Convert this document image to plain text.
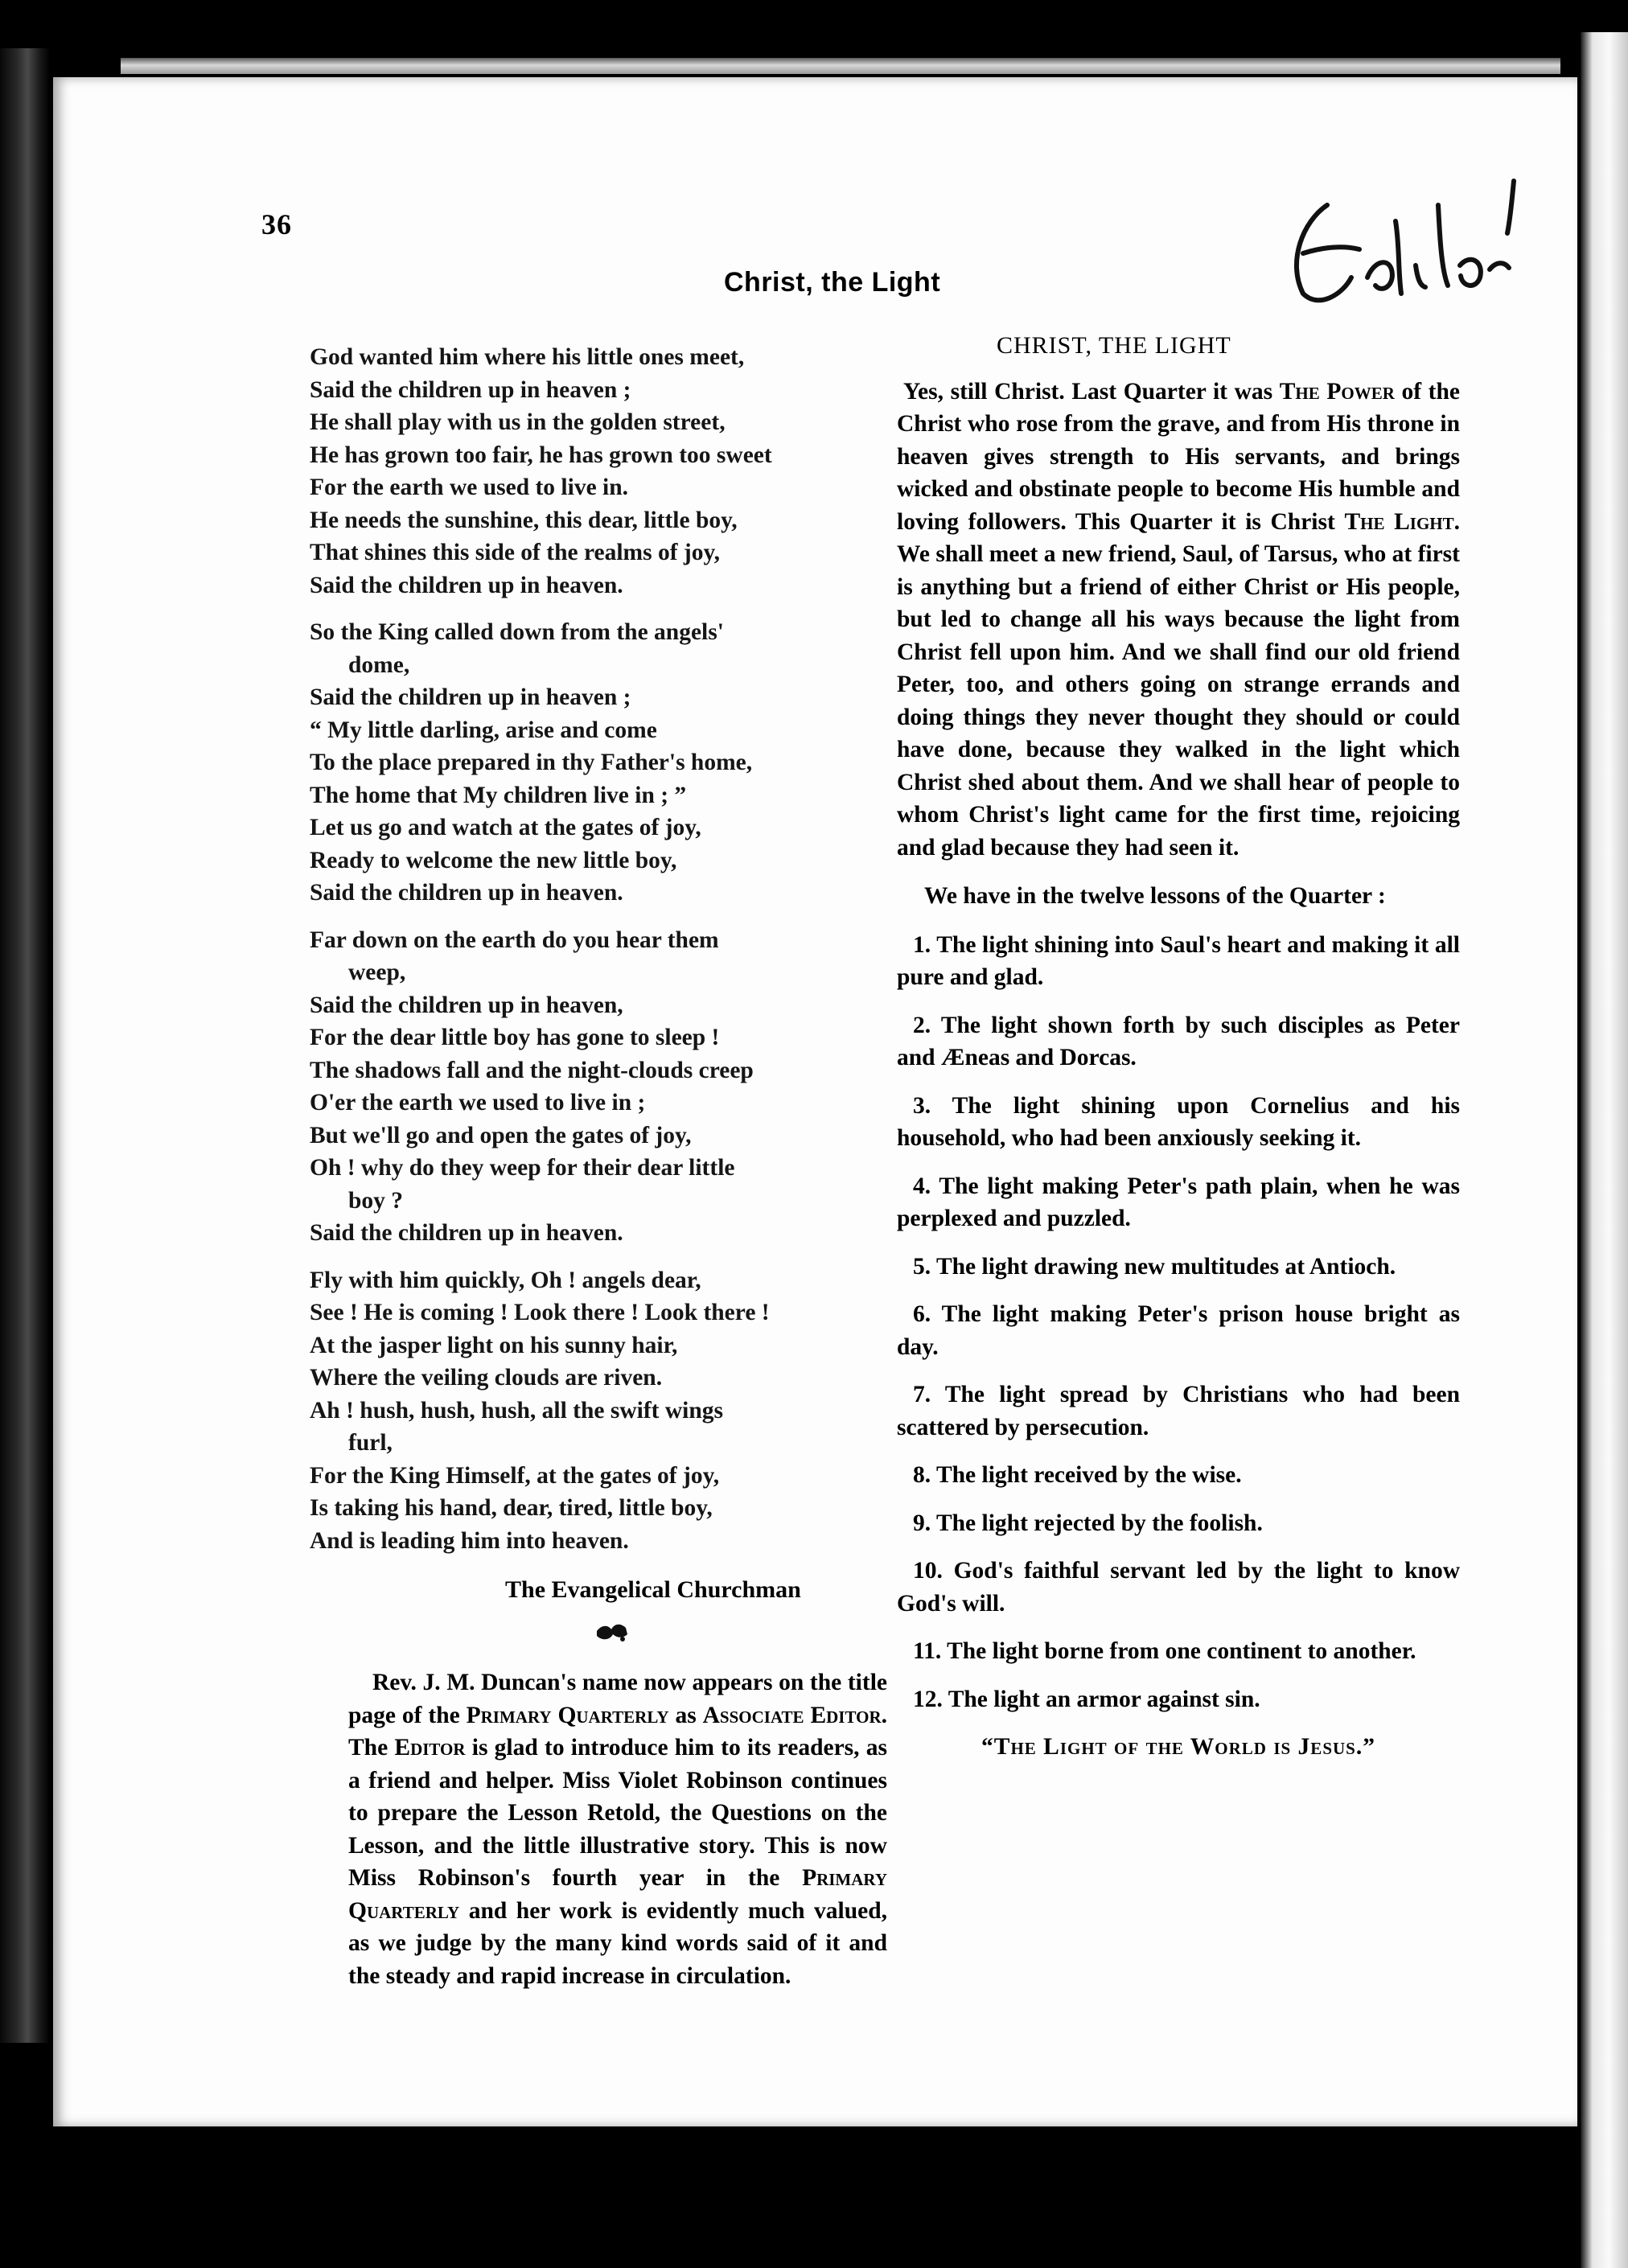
36
Christ, the Light
God wanted him where his little ones meet,
Said the children up in heaven ;
He shall play with us in the golden street,
He has grown too fair, he has grown too sweet
For the earth we used to live in.
He needs the sunshine, this dear, little boy,
That shines this side of the realms of joy,
Said the children up in heaven.
So the King called down from the angels'
dome,
Said the children up in heaven ;
“ My little darling, arise and come
To the place prepared in thy Father's home,
The home that My children live in ; ”
Let us go and watch at the gates of joy,
Ready to welcome the new little boy,
Said the children up in heaven.
Far down on the earth do you hear them
weep,
Said the children up in heaven,
For the dear little boy has gone to sleep !
The shadows fall and the night-clouds creep
O'er the earth we used to live in ;
But we'll go and open the gates of joy,
Oh ! why do they weep for their dear little
boy ?
Said the children up in heaven.
Fly with him quickly, Oh ! angels dear,
See ! He is coming ! Look there ! Look there !
At the jasper light on his sunny hair,
Where the veiling clouds are riven.
Ah ! hush, hush, hush, all the swift wings
furl,
For the King Himself, at the gates of joy,
Is taking his hand, dear, tired, little boy,
And is leading him into heaven.
The Evangelical Churchman
Rev. J. M. Duncan's name now appears on the title page of the Primary Quarterly as Associate Editor. The Editor is glad to introduce him to its readers, as a friend and helper. Miss Violet Robinson continues to prepare the Lesson Retold, the Questions on the Lesson, and the little illustrative story. This is now Miss Robinson's fourth year in the Primary Quarterly and her work is evidently much valued, as we judge by the many kind words said of it and the steady and rapid increase in circulation.
CHRIST, THE LIGHT

Yes, still Christ. Last Quarter it was The Power of the Christ who rose from the grave, and from His throne in heaven gives strength to His servants, and brings wicked and obstinate people to become His humble and loving followers. This Quarter it is Christ The Light. We shall meet a new friend, Saul, of Tarsus, who at first is anything but a friend of either Christ or His people, but led to change all his ways because the light from Christ fell upon him. And we shall find our old friend Peter, too, and others going on strange errands and doing things they never thought they should or could have done, because they walked in the light which Christ shed about them. And we shall hear of people to whom Christ's light came for the first time, rejoicing and glad because they had seen it.

We have in the twelve lessons of the Quarter :

1. The light shining into Saul's heart and making it all pure and glad.

2. The light shown forth by such disciples as Peter and Æneas and Dorcas.

3. The light shining upon Cornelius and his household, who had been anxiously seeking it.

4. The light making Peter's path plain, when he was perplexed and puzzled.

5. The light drawing new multitudes at Antioch.

6. The light making Peter's prison house bright as day.

7. The light spread by Christians who had been scattered by persecution.

8. The light received by the wise.

9. The light rejected by the foolish.

10. God's faithful servant led by the light to know God's will.

11. The light borne from one continent to another.

12. The light an armor against sin.

“The Light of the World is Jesus.”
